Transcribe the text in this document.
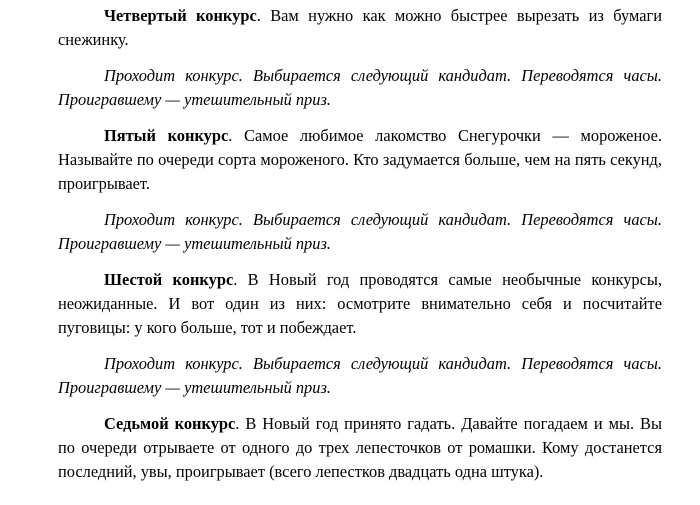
Четвертый конкурс. Вам нужно как можно быстрее вырезать из бумаги снежинку.

Проходит конкурс. Выбирается следующий кандидат. Переводятся часы. Проигравшему — утешительный приз.

Пятый конкурс. Самое любимое лакомство Снегурочки — мороженое. Называйте по очереди сорта мороженого. Кто задумается больше, чем на пять секунд, проигрывает.

Проходит конкурс. Выбирается следующий кандидат. Переводятся часы. Проигравшему — утешительный приз.

Шестой конкурс. В Новый год проводятся самые необычные конкурсы, неожиданные. И вот один из них: осмотрите внимательно себя и посчитайте пуговицы: у кого больше, тот и побеждает.

Проходит конкурс. Выбирается следующий кандидат. Переводятся часы. Проигравшему — утешительный приз.

Седьмой конкурс. В Новый год принято гадать. Давайте погадаем и мы. Вы по очереди отрываете от одного до трех лепесточков от ромашки. Кому достанется последний, увы, проигрывает (всего лепестков двадцать одна штука).
